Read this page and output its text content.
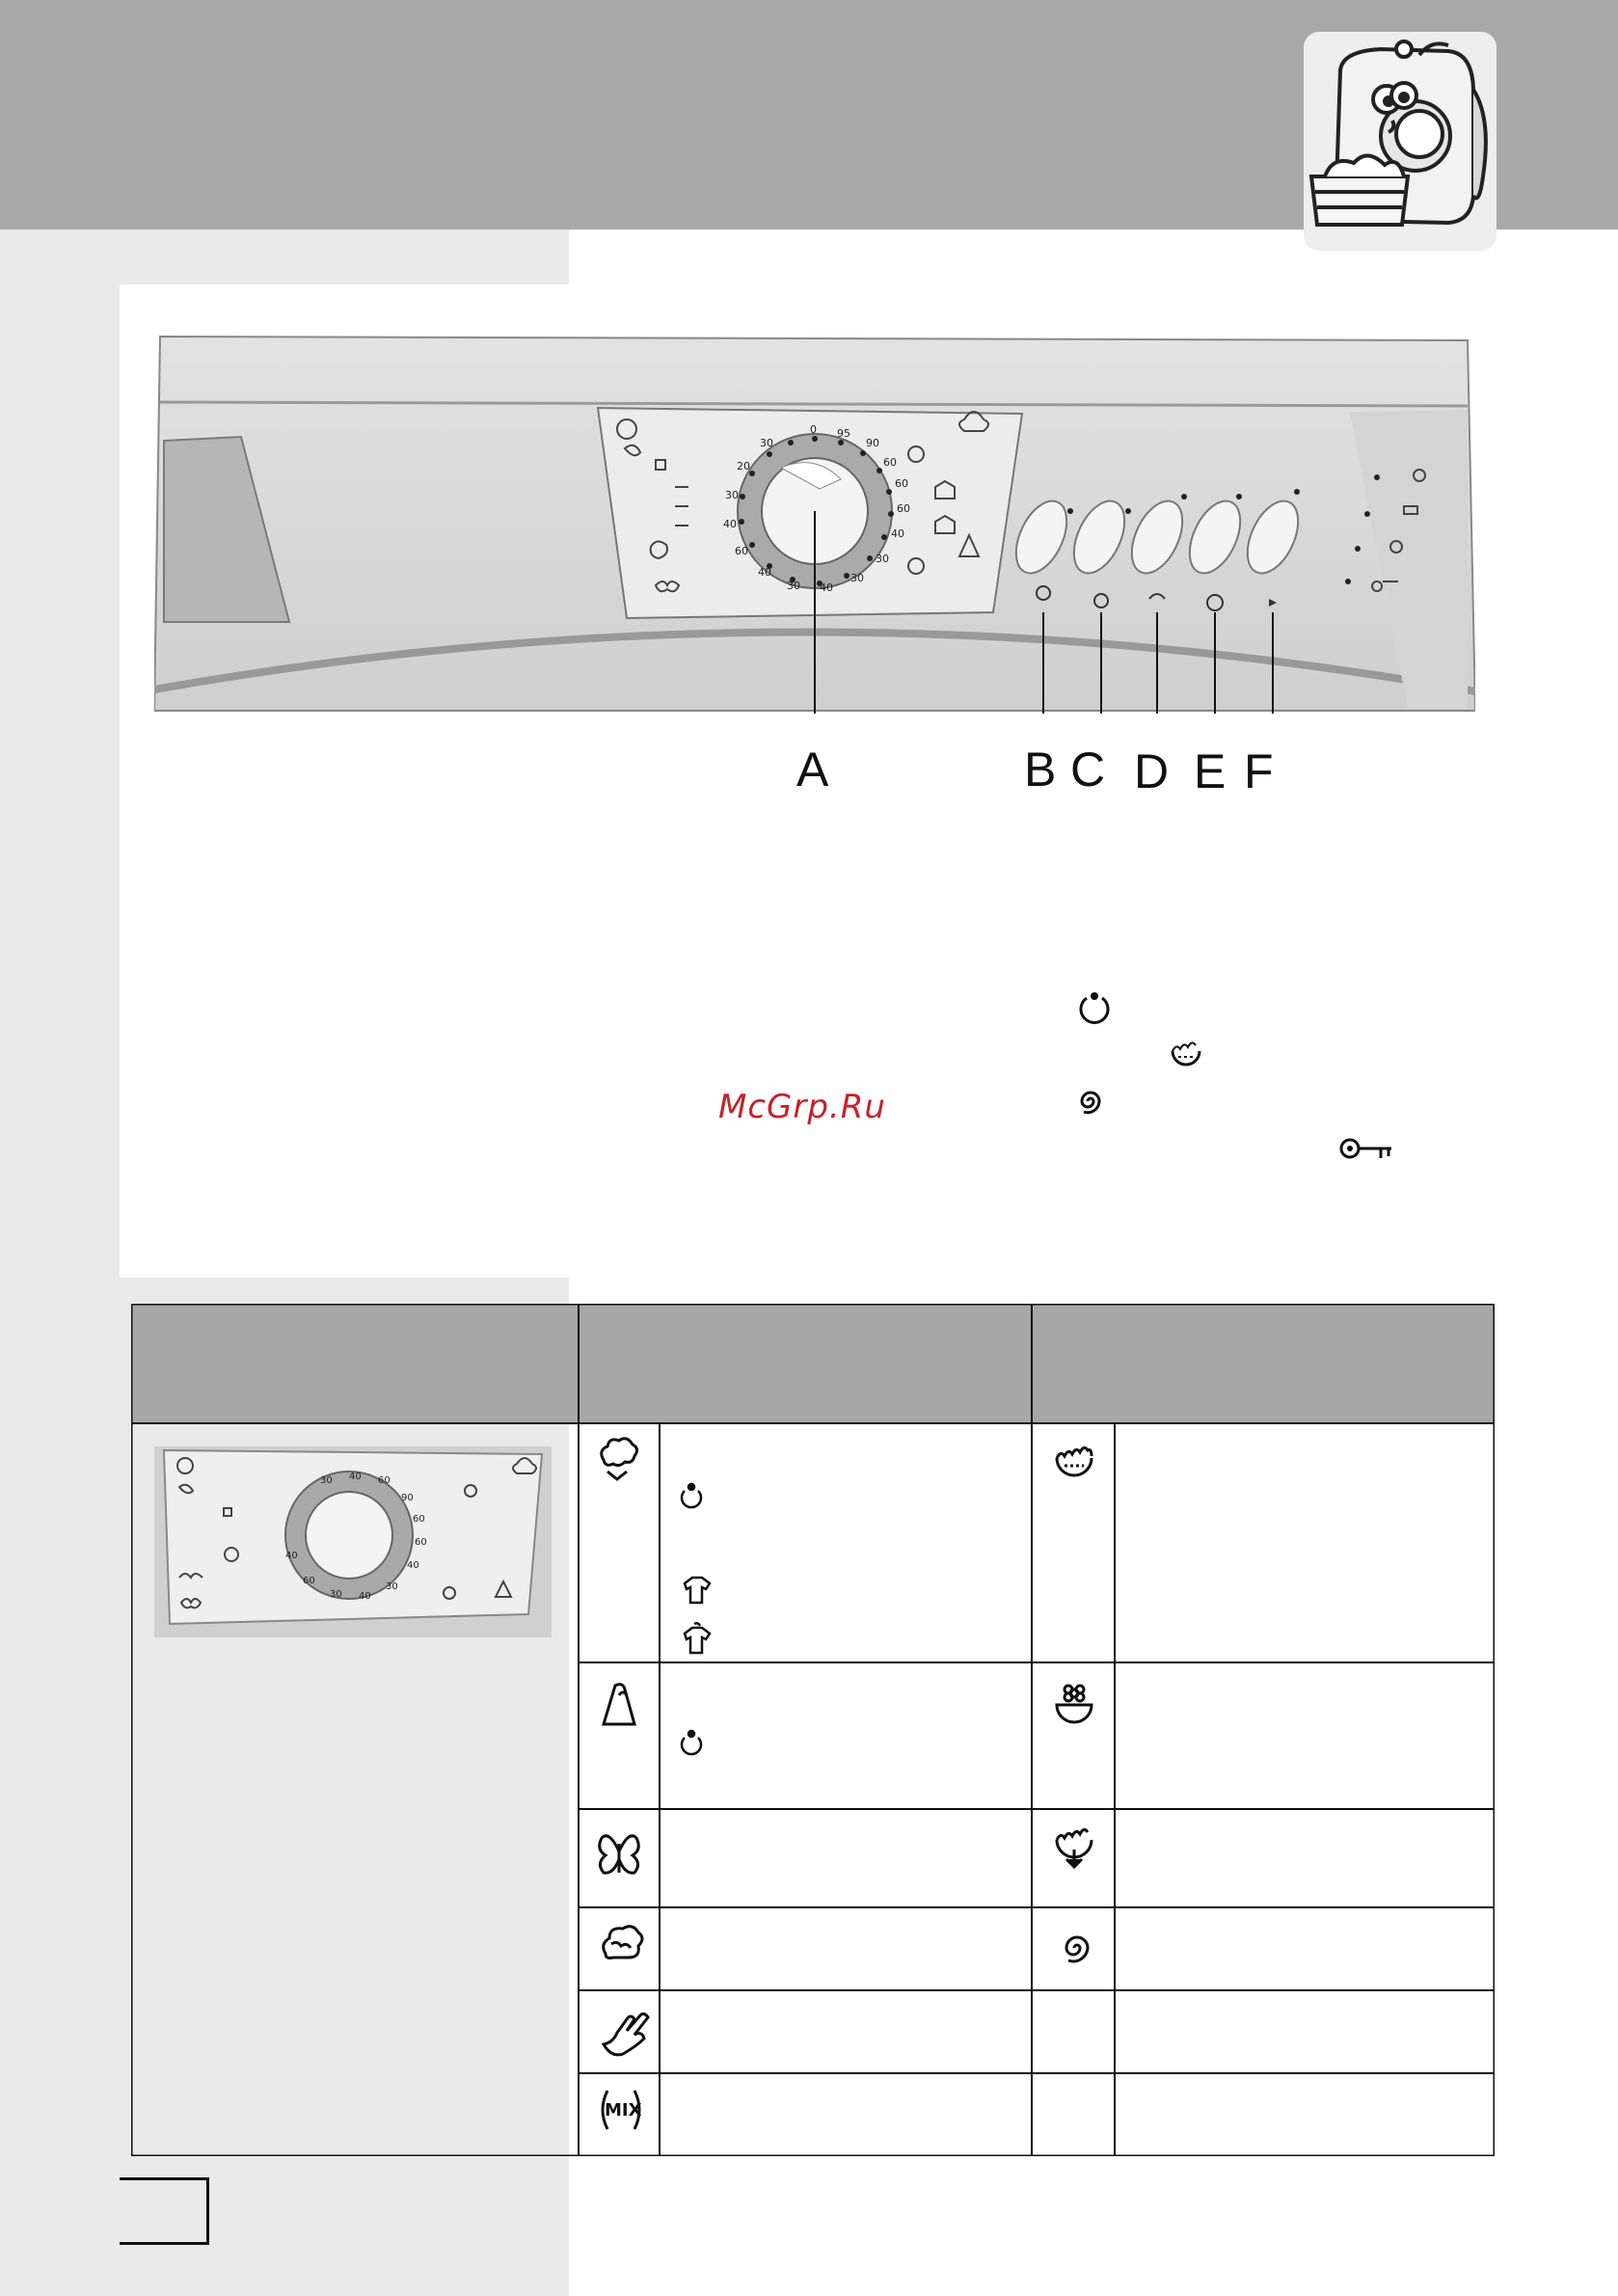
0 95
90
60
60
60
40
30
30
40
30
40
60
40
30
20
30
A	B C D E F
McGrp.Ru
30 40 60
90
60
60
40
30
40
30
60
40
MIX
